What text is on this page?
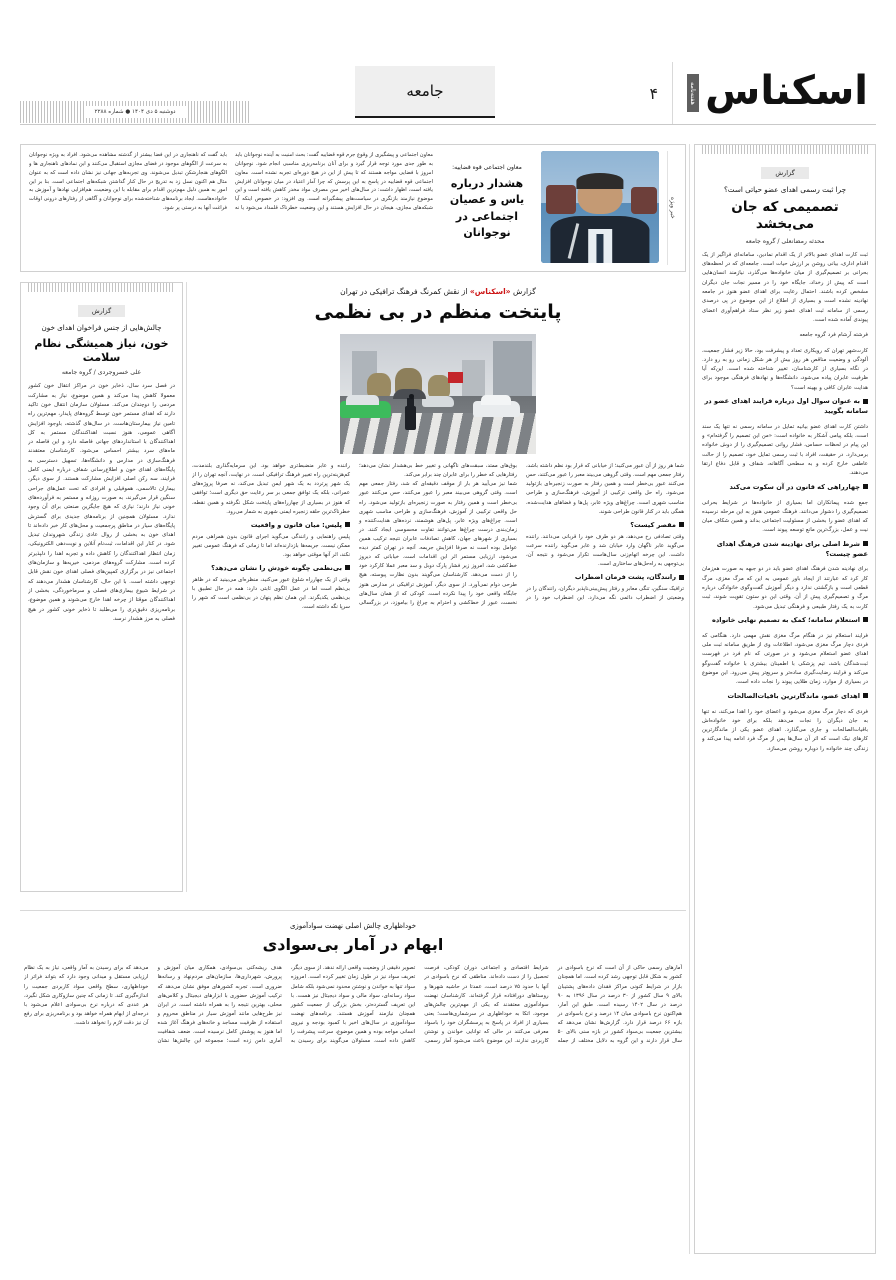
اسکناس
هفته‌نامه
۴
جامعه
دوشنبه ۵ دی ۱۴۰۴ ● شماره ۲۲۸۸
خبر ویژه
معاون اجتماعی قوه قضاییه:
هشدار درباره یاس و عصیان اجتماعی در نوجوانان
معاون اجتماعی و پیشگیری از وقوع جرم قوه قضاییه گفت: بحث امنیت به آینده نوجوانان باید به طور جدی مورد توجه قرار گیرد و برای آنان برنامه‌ریزی مناسبی انجام شود. نوجوانان امروز با فضایی مواجه هستند که تا پیش از این در هیچ دوره‌ای تجربه نشده است. معاون اجتماعی قوه قضاییه در پاسخ به این پرسش که چرا آمار اعتیاد در میان نوجوانان افزایش یافته است، اظهار داشت: در سال‌های اخیر سن مصرف مواد مخدر کاهش یافته است و این موضوع نیازمند بازنگری در سیاست‌های پیشگیرانه است. وی افزود: در خصوص اینکه آیا شبکه‌های مجازی، هیجان در حال افزایش هستند و این وضعیت خطرناک قلمداد می‌شود یا نه باید گفت که ناهنجاری در این فضا بیشتر از گذشته مشاهده می‌شود. افراد به ویژه نوجوانان به سرعت از الگوهای موجود در فضای مجازی استقبال می‌کنند و این نماد‌های ناهنجاری ها و الگوهای هنجارشکن تبدیل می‌شوند. وی تجربه‌های جهانی نیز نشان داده است که به عنوان مثال هم اکنون نسل زد به تدریج در حال کنار گذاشتن شبکه‌های اجتماعی است. بنا بر این امور به همین دلیل مهم‌ترین اقدام برای مقابله با این وضعیت، هم‌افزایی نهادها و آموزش به خانواده‌هاست. ایجاد برنامه‌های شناخته‌شده برای نوجوانان و آگاهی از رفتارهای درونی اوقات فراغت آنها به درستی پر شود.
گزارش
چرا ثبت رسمی اهدای عضو حیاتی است؟
تصمیمی که جان می‌بخشد
محدثه رمضانعلی / گروه جامعه
ثبت کارت اهدای عضو بالاتر از یک اقدام نمادین، سامانه‌ای فراگیر از یک اقدام اداری، بیانی روشن بر ارزش حیات است. جامعه‌ای که در لحظه‌های بحرانی بر تصمیم‌گیری از میان خانواده‌ها می‌گذرد، نیازمند انسان‌هایی است که پیش از رخداد، جایگاه خود را در مسیر نجات جان دیگران مشخص کرده باشند. احتمال رعایت برای اهدای عضو هنوز در جامعه نهادینه نشده است و بسیاری از اطلاع از این موضوع در پی درصدی رسمی از سامانه ثبت اهدای عضو زیر نظر ستاد فراهم‌آوری اعضای پیوندی آماده شده است.
فرشته آرشام فرد گروه جامعه
کارت‌شهر تهران که رویکاری تعداد و پیشرفت بود، حالا زیر فشار جمعیت، آلودگی و وضعیت مناقص هر روز بیش از هر شکل زمانی رو به رو دارد. در نگاه بسیاری از کارشناسان، تغییر شناخته شده است. این‌که آیا ظرفیت عابران پیاده می‌شود، دانشگاه‌ها و نهادهای فرهنگی موجود برای هدایت عابران کافی و بهینه است؟
به عنوان سوال اول درباره فرایند اهدای عضو در سامانه بگویید
داشتن کارت اهدای عضو بیانیه تمایل در سامانه رسمی نه تنها یک سند است، بلکه پیامی آشکار به خانواده است: «من این تصمیم را گرفته‌ام» و این پیام در لحظات حساس، فشار روانی تصمیم‌گیری را از دوش خانواده برمی‌دارد. در حقیقت، افراد با ثبت رسمی تمایل خود، تصمیم را از حالت عاطفی خارج کرده و به سطحی آگاهانه، شفاف و قابل دفاع ارتقا می‌دهند.
چهارراهی که قانون در آن سکوت می‌کند
جمع شده پیمانکاران اما بسیاری از خانواده‌ها در شرایط بحرانی تصمیم‌گیری را دشوار می‌دانند. فرهنگ عمومی هنوز به این مرحله نرسیده که اهدای عضو را بخشی از مسئولیت اجتماعی بداند و همین شکاف میان نیت و عمل، بزرگ‌ترین مانع توسعه پیوند است.
شرط اصلی برای نهادینه شدن فرهنگ اهدای عضو چیست؟
برای نهادینه شدن فرهنگ اهدای عضو باید در دو جبهه به صورت هم‌زمان کار کرد که عبارتند از ایجاد باور عمومی به این که مرگ مغزی، مرگ قطعی است و بازگشتی ندارد و دیگر آموزش گفت‌وگوی خانوادگی درباره مرگ و تصمیم‌گیری پیش از آن. وقتی این دو ستون تقویت شوند، ثبت کارت به یک رفتار طبیعی و فرهنگی تبدیل می‌شود.
استعلام سامانه؛ کمک به تصمیم نهایی خانواده
فرایند استعلام نیز در هنگام مرگ مغزی نقش مهمی دارد. هنگامی که فردی دچار مرگ مغزی می‌شود، اطلاعات وی از طریق سامانه ثبت ملی اهدای عضو استعلام می‌شود و در صورتی که نام فرد در فهرست ثبت‌شدگان باشد، تیم پزشکی با اطمینان بیشتری با خانواده گفت‌وگو می‌کند و فرایند رضایت‌گیری ساده‌تر و سریع‌تر پیش می‌رود. این موضوع در بسیاری از موارد، زمان طلایی پیوند را نجات داده است.
اهدای عضو، ماندگارترین باقیات‌الصالحات
فردی که دچار مرگ مغزی می‌شود و اعضای خود را اهدا می‌کند، نه تنها به جان دیگران را نجات می‌دهد بلکه برای خود خانواده‌اش باقیات‌الصالحات و جاری می‌گذارد. اهدای عضو یکی از ماندگارترین کارهای نیک است که اثر آن سال‌ها پس از مرگ فرد ادامه پیدا می‌کند و زندگی چند خانواده را دوباره روشن می‌سازد.
گزارش «اسکناس» از نقش کمرنگ فرهنگ ترافیکی در تهران
پایتخت منظم در بی نظمی
شما هر روز از آن عبور می‌کنید؛ از خیابانی که قرار بود نظم داشته باشد، رفتار جمعی مهم است. وقتی گروهی می‌بیند معبر را عبور می‌کنند، حس می‌کنند عبور بی‌خطر است و همین رفتار به صورت زنجیره‌ای بازتولید می‌شود. راه حل واقعی ترکیبی از آموزش، فرهنگ‌سازی و طراحی مناسب شهری است. چراغ‌های ویژه عابر، پل‌ها و فضاهای هدایت‌شده، همگی باید در کنار قانون طراحی شوند.
مقصر کیست؟
وقتی تصادفی رخ می‌دهد، هر دو طرف خود را قربانی می‌دانند. راننده می‌گوید عابر ناگهان وارد خیابان شد و عابر می‌گوید راننده سرعت داشت. این چرخه اتهام‌زنی سال‌هاست تکرار می‌شود و نتیجه آن، بی‌توجهی به راه‌حل‌های ساختاری است.
رانندگان، پشت فرمان اضطراب
ترافیک سنگین، تنگی معابر و رفتار پیش‌بینی‌ناپذیر دیگران، رانندگان را در وضعیتی از اضطراب دائمی نگه می‌دارد. این اضطراب خود را در بوق‌های ممتد، سبقت‌های ناگهانی و تغییر خط بی‌هشدار نشان می‌دهد؛ رفتارهایی که خطر را برای عابران چند برابر می‌کند.
شما نیز می‌آیید هر بار از موقف دقیقه‌ای که شد، رفتار جمعی مهم است. وقتی گروهی می‌بیند معبر را عبور می‌کنند، حس می‌کنند عبور بی‌خطر است و همین رفتار به صورت زنجیره‌ای بازتولید می‌شود. راه حل واقعی ترکیبی از آموزش، فرهنگ‌سازی و طراحی مناسب شهری است. چراغ‌های ویژه عابر، پل‌های هوشمند، نرده‌های هدایت‌کننده و زمان‌بندی درست چراغ‌ها می‌توانند تفاوت محسوسی ایجاد کنند. در بسیاری از شهرهای جهان، کاهش تصادفات عابران نتیجه ترکیب همین عوامل بوده است نه صرفا افزایش جریمه. آنچه در تهران کمتر دیده می‌شود، ارزیابی مستمر اثر این اقدامات است. خیابانی که دیروز خط‌کشی شد، امروز زیر فشار پارک دوبل و سد معبر عملا کارکرد خود را از دست می‌دهد. کارشناسان می‌گویند بدون نظارت پیوسته، هیچ طرحی دوام نمی‌آورد. از سوی دیگر، آموزش ترافیکی در مدارس هنوز جایگاه واقعی خود را پیدا نکرده است. کودکی که از همان سال‌های نخست، عبور از خط‌کشی و احترام به چراغ را بیاموزد، در بزرگسالی راننده و عابر منضبط‌تری خواهد بود. این سرمایه‌گذاری بلندمدت، کم‌هزینه‌ترین راه تغییر فرهنگ ترافیکی است. در نهایت، آنچه تهران را از یک شهر پرتردد به یک شهر ایمن تبدیل می‌کند، نه صرفا پروژه‌های عمرانی، بلکه یک توافق جمعی بر سر رعایت حق دیگری است؛ توافقی که هنوز در بسیاری از چهارراه‌های پایتخت شکل نگرفته و همین نقطه، خطرناک‌ترین حلقه زنجیره ایمنی شهری به شمار می‌رود.
پلیس: میان قانون و واقعیت
پلیس راهنمایی و رانندگی می‌گوید اجرای قانون بدون همراهی مردم ممکن نیست. جریمه‌ها بازدارنده‌اند اما تا زمانی که فرهنگ عمومی تغییر نکند، اثر آنها موقتی خواهد بود.
بی‌نظمی چگونه خودش را نشان می‌دهد؟
وقتی از یک چهارراه شلوغ عبور می‌کنید، منظره‌ای می‌بینید که در ظاهر بی‌نظم است اما در عمل الگوی ثابتی دارد: همه در حال تطبیق با بی‌نظمی یکدیگرند. این همان نظم پنهان در بی‌نظمی است که شهر را سرپا نگه داشته است.
گزارش
چالش‌هایی از جنس فراخوان اهدای خون
خون، نیاز همیشگی نظام سلامت
علی خسروجردی / گروه جامعه
در فصل سرد سال، ذخایر خون در مراکز انتقال خون کشور معمولا کاهش پیدا می‌کند و همین موضوع، نیاز به مشارکت مردمی را دوچندان می‌کند. مسئولان سازمان انتقال خون تاکید دارند که اهدای مستمر خون توسط گروه‌های پایدار، مهم‌ترین راه تامین نیاز بیمارستان‌هاست. در سال‌های گذشته، باوجود افزایش آگاهی عمومی، هنوز نسبت اهداکنندگان مستمر به کل اهداکنندگان با استانداردهای جهانی فاصله دارد و این فاصله در ماه‌های سرد بیشتر احساس می‌شود. کارشناسان معتقدند فرهنگ‌سازی در مدارس و دانشگاه‌ها، تسهیل دسترسی به پایگاه‌های اهدای خون و اطلاع‌رسانی شفاف درباره ایمنی کامل فرایند، سه رکن اصلی افزایش مشارکت هستند. از سوی دیگر، بیماران تالاسمی، هموفیلی و افرادی که تحت عمل‌های جراحی سنگین قرار می‌گیرند، به صورت روزانه و مستمر به فرآورده‌های خونی نیاز دارند؛ نیازی که هیچ جایگزین صنعتی برای آن وجود ندارد. مسئولان همچنین از برنامه‌های جدیدی برای گسترش پایگاه‌های سیار در مناطق پرجمعیت و محل‌های کار خبر داده‌اند تا اهدای خون به بخشی از روال عادی زندگی شهروندان تبدیل شود. در کنار این اقدامات، ثبت‌نام آنلاین و نوبت‌دهی الکترونیکی، زمان انتظار اهداکنندگان را کاهش داده و تجربه اهدا را دلپذیرتر کرده است. مشارکت گروه‌های مردمی، خیریه‌ها و سازمان‌های اجتماعی نیز در برگزاری کمپین‌های فصلی اهدای خون نقش قابل توجهی داشته است. با این حال، کارشناسان هشدار می‌دهند که در شرایط شیوع بیماری‌های فصلی و سرماخوردگی، بخشی از اهداکنندگان موقتا از چرخه اهدا خارج می‌شوند و همین موضوع، برنامه‌ریزی دقیق‌تری را می‌طلبد تا ذخایر خونی کشور در هیچ فصلی به مرز هشدار نرسد.
خوداظهاری چالش اصلی نهضت سوادآموزی
ابهام در آمار بی‌سوادی
آمارهای رسمی حاکی از آن است که نرخ باسوادی در کشور به شکل قابل توجهی رشد کرده است. اما همچنان بازار در شرایط کنونی مراکز فقدان داده‌های پشتیبان بالای ۹ سال کشور از ۳۰ درصد در سال ۱۳۹۶ به ۹۰ درصد در سال ۱۴۰۲ رسیده است. طبق این آمار، هم‌اکنون نرخ باسوادی میان ۱۴ درصد و نرخ باسوادی در بازه ۶۶ درصد قرار دارد. گزارش‌ها نشان می‌دهد که بیشترین جمعیت بی‌سواد کشور در بازه سنی بالای ۵۰ سال قرار دارند و این گروه به دلایل مختلف از جمله شرایط اقتصادی و اجتماعی دوران کودکی، فرصت تحصیل را از دست داده‌اند. مناطقی که نرخ باسوادی در آنها با حدود ۷۵ درصد است، عمدتا در حاشیه شهرها و روستاهای دورافتاده قرار گرفته‌اند. کارشناسان نهضت سوادآموزی معتقدند که یکی از مهم‌ترین چالش‌های موجود، اتکا به خوداظهاری در سرشماری‌هاست؛ یعنی بسیاری از افراد در پاسخ به پرسشگران خود را باسواد معرفی می‌کنند در حالی که توانایی خواندن و نوشتن کاربردی ندارند. این موضوع باعث می‌شود آمار رسمی، تصویر دقیقی از وضعیت واقعی ارائه ندهد. از سوی دیگر، تعریف سواد نیز در طول زمان تغییر کرده است. امروزه سواد تنها به خواندن و نوشتن محدود نمی‌شود بلکه شامل سواد رسانه‌ای، سواد مالی و سواد دیجیتال نیز هست. با این تعریف گسترده‌تر، بخش بزرگی از جمعیت کشور همچنان نیازمند آموزش هستند. برنامه‌های نهضت سوادآموزی در سال‌های اخیر با کمبود بودجه و نیروی انسانی مواجه بوده و همین موضوع، سرعت پیشرفت را کاهش داده است. مسئولان می‌گویند برای رسیدن به هدف ریشه‌کنی بی‌سوادی، همکاری میان آموزش و پرورش، شهرداری‌ها، سازمان‌های مردم‌نهاد و رسانه‌ها ضروری است. تجربه کشورهای موفق نشان می‌دهد که ترکیب آموزش حضوری با ابزارهای دیجیتال و کلاس‌های محلی، بهترین نتیجه را به همراه داشته است. در ایران نیز طرح‌هایی مانند آموزش سیار در مناطق محروم و استفاده از ظرفیت مساجد و خانه‌های فرهنگ آغاز شده اما هنوز به پوشش کامل نرسیده است. ضعف شفافیت آماری دامن زده است؛ مجموعه این چالش‌ها نشان می‌دهد که برای رسیدن به آمار واقعی، نیاز به یک نظام ارزیابی مستقل و میدانی وجود دارد که بتواند فراتر از خوداظهاری، سطح واقعی سواد کاربردی جمعیت را اندازه‌گیری کند. تا زمانی که چنین سازوکاری شکل نگیرد، هر عددی که درباره نرخ بی‌سوادی اعلام می‌شود با درجه‌ای از ابهام همراه خواهد بود و برنامه‌ریزی برای رفع آن نیز دقت لازم را نخواهد داشت.
